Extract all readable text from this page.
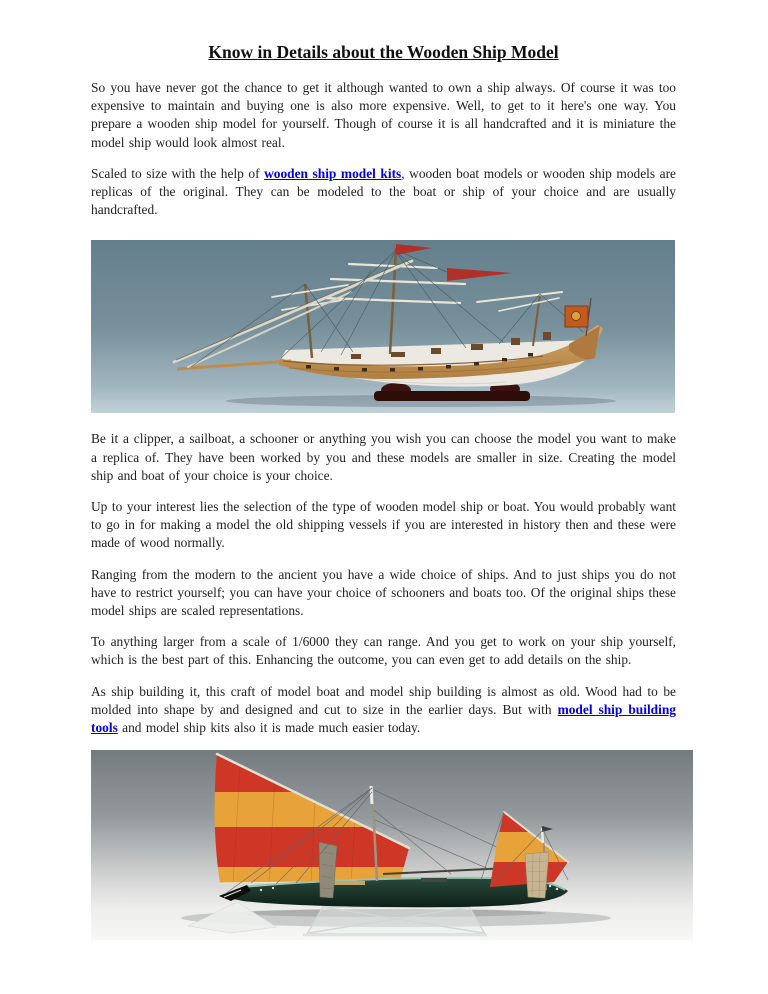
Know in Details about the Wooden Ship Model

So you have never got the chance to get it although wanted to own a ship always. Of course it was too expensive to maintain and buying one is also more expensive. Well, to get to it here's one way. You prepare a wooden ship model for yourself. Though of course it is all handcrafted and it is miniature the model ship would look almost real.

Scaled to size with the help of wooden ship model kits, wooden boat models or wooden ship models are replicas of the original. They can be modeled to the boat or ship of your choice and are usually handcrafted.

Be it a clipper, a sailboat, a schooner or anything you wish you can choose the model you want to make a replica of. They have been worked by you and these models are smaller in size. Creating the model ship and boat of your choice is your choice.

Up to your interest lies the selection of the type of wooden model ship or boat. You would probably want to go in for making a model the old shipping vessels if you are interested in history then and these were made of wood normally.

Ranging from the modern to the ancient you have a wide choice of ships. And to just ships you do not have to restrict yourself; you can have your choice of schooners and boats too. Of the original ships these model ships are scaled representations.

To anything larger from a scale of 1/6000 they can range. And you get to work on your ship yourself, which is the best part of this. Enhancing the outcome, you can even get to add details on the ship.

As ship building it, this craft of model boat and model ship building is almost as old. Wood had to be molded into shape by and designed and cut to size in the earlier days. But with model ship building tools and model ship kits also it is made much easier today.
